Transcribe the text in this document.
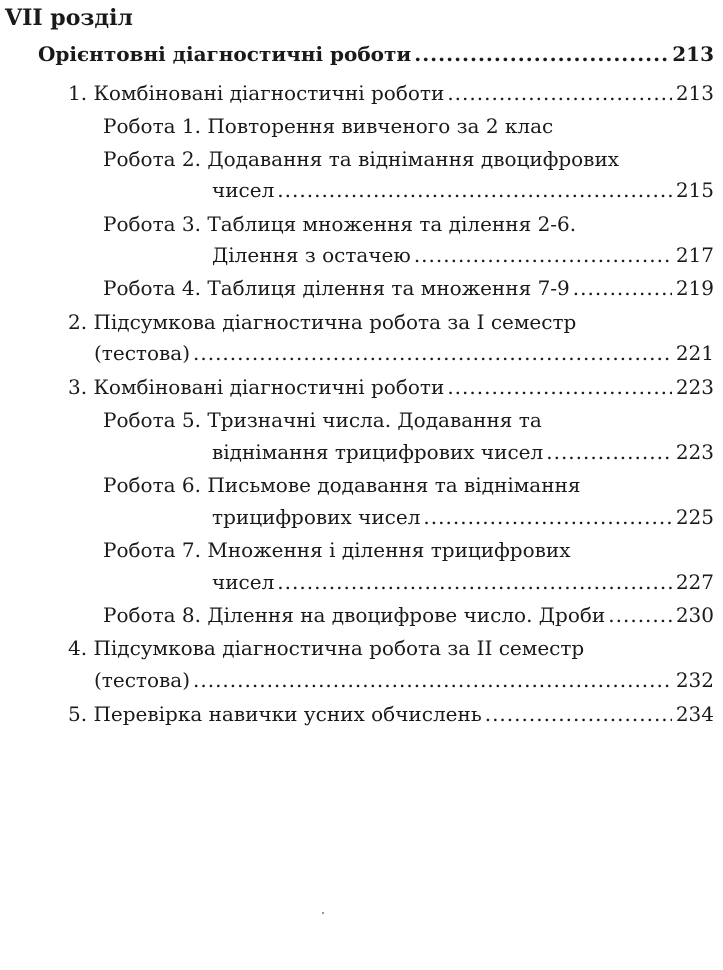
VII розділ
Орієнтовні діагностичні роботи .....	213
1. Комбіновані діагностичні роботи .....	213
Робота 1. Повторення вивченого за 2 клас
Робота 2. Додавання та віднімання двоцифрових
чисел .....	215
Робота 3. Таблиця множення та ділення 2-6.
Ділення з остачею .....	217
Робота 4. Таблиця ділення та множення 7-9 .....	219
2. Підсумкова діагностична робота за І семестр
(тестова) .....	221
3. Комбіновані діагностичні роботи .....	223
Робота 5. Тризначні числа. Додавання та
віднімання трицифрових чисел .....	223
Робота 6. Письмове додавання та віднімання
трицифрових чисел .....	225
Робота 7. Множення і ділення трицифрових
чисел .....	227
Робота 8. Ділення на двоцифрове число. Дроби .....	230
4. Підсумкова діагностична робота за ІІ семестр
(тестова) .....	232
5. Перевірка навички усних обчислень .....	234
